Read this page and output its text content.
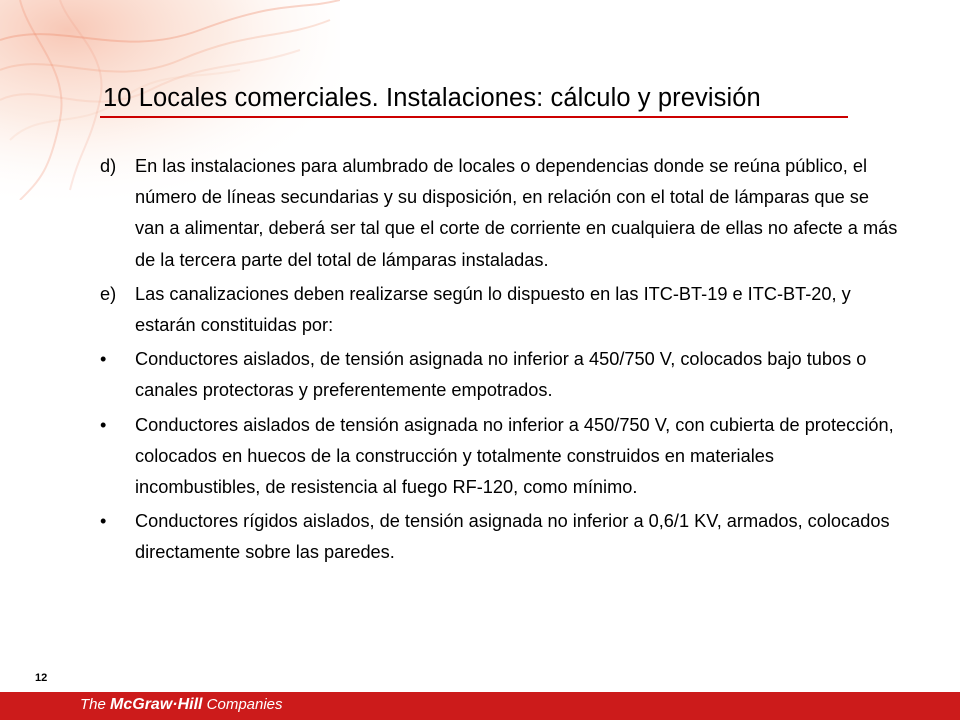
10 Locales comerciales. Instalaciones: cálculo y previsión
d)	En las instalaciones para alumbrado de locales o dependencias donde se reúna público, el número de líneas secundarias y su disposición, en relación con el total de lámparas que se van a alimentar, deberá ser tal que el corte de corriente en cualquiera de ellas no afecte a más de la tercera parte del total de lámparas instaladas.
e)	Las canalizaciones deben realizarse según lo dispuesto en las ITC-BT-19 e ITC-BT-20, y estarán constituidas por:
•	Conductores aislados, de tensión asignada no inferior a 450/750 V, colocados bajo tubos o canales protectoras y preferentemente empotrados.
•	Conductores aislados de tensión asignada no inferior a 450/750 V, con cubierta de protección, colocados en huecos de la construcción y totalmente construidos en materiales incombustibles, de resistencia al fuego RF-120, como mínimo.
•	Conductores rígidos aislados, de tensión asignada no inferior a 0,6/1 KV, armados, colocados directamente sobre las paredes.
12
The McGraw·Hill Companies
